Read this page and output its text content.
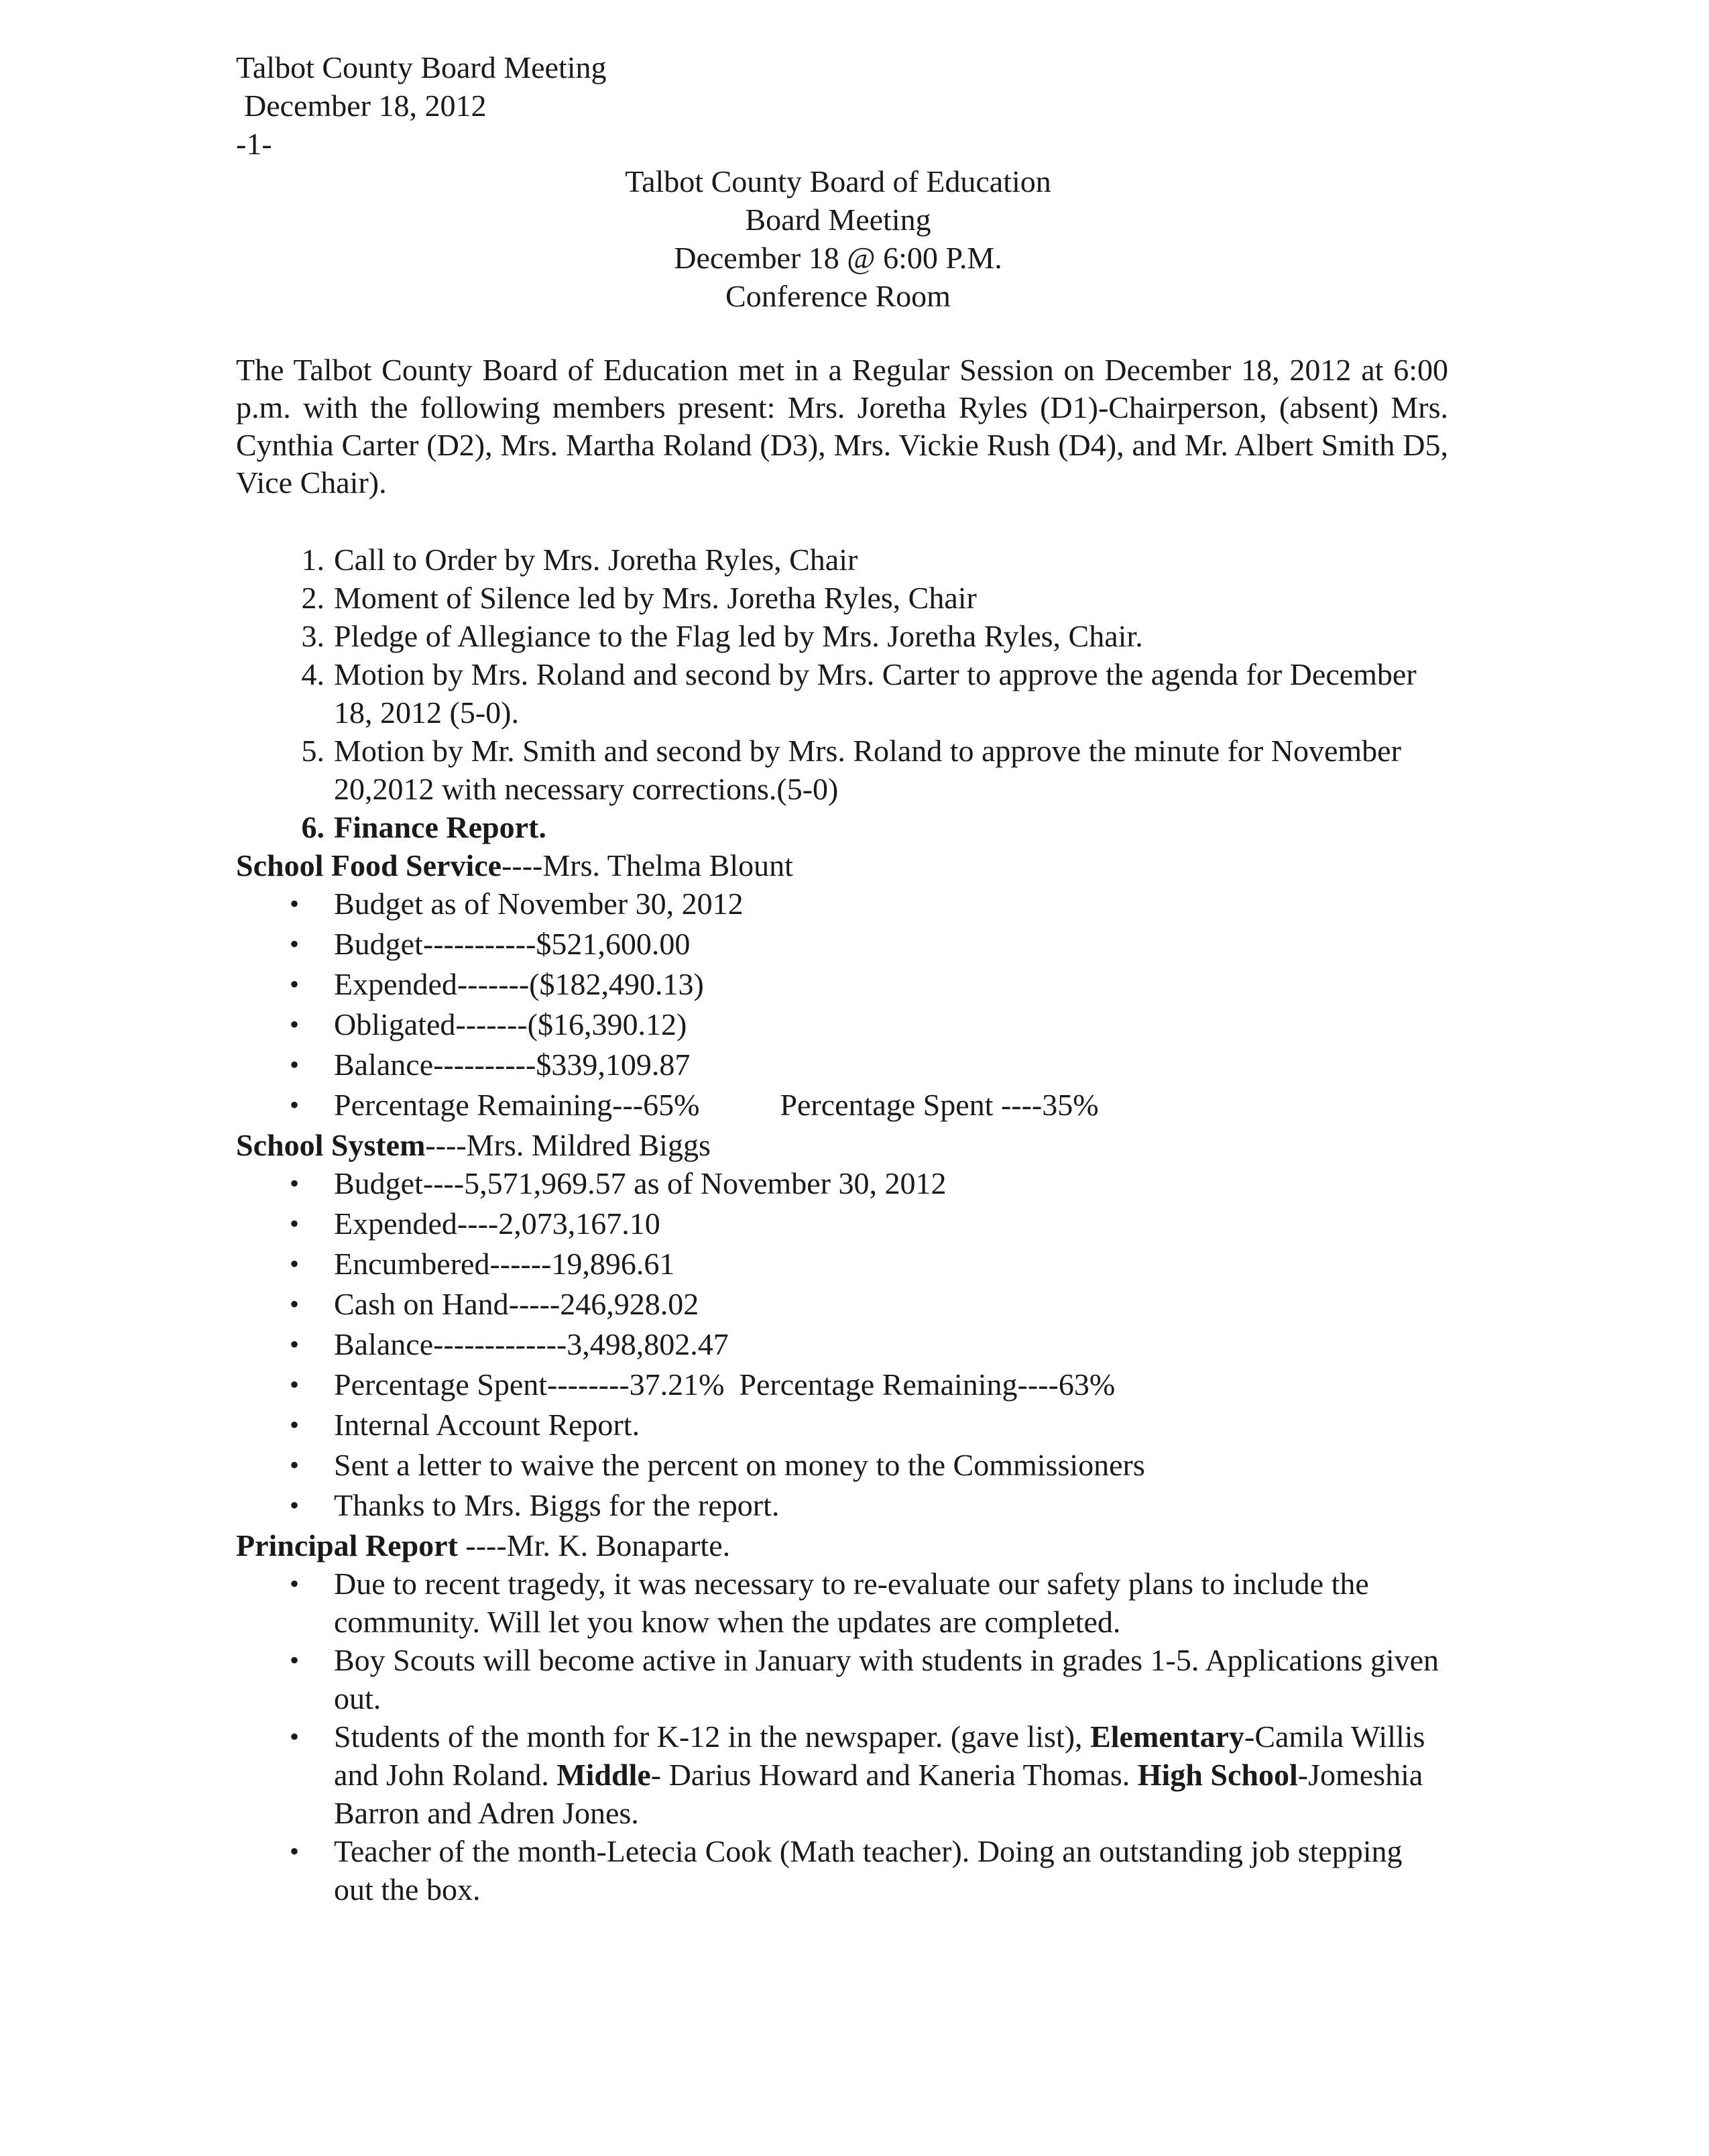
Talbot County Board Meeting
December 18, 2012
-1-
Talbot County Board of Education
Board Meeting
December 18 @ 6:00 P.M.
Conference Room
The Talbot County Board of Education met in a Regular Session on December 18, 2012 at 6:00 p.m. with the following members present: Mrs. Joretha Ryles (D1)-Chairperson, (absent) Mrs. Cynthia Carter (D2), Mrs. Martha Roland (D3), Mrs. Vickie Rush (D4), and Mr. Albert Smith D5, Vice Chair).
1. Call to Order by Mrs. Joretha Ryles, Chair
2. Moment of Silence led by Mrs. Joretha Ryles, Chair
3. Pledge of Allegiance to the Flag led by Mrs. Joretha Ryles, Chair.
4. Motion by Mrs. Roland and second by Mrs. Carter to approve the agenda for December 18, 2012 (5-0).
5. Motion by Mr. Smith and second by Mrs. Roland to approve the minute for November 20,2012 with necessary corrections.(5-0)
6. Finance Report.
School Food Service----Mrs. Thelma Blount
• Budget as of November 30, 2012
• Budget-----------$521,600.00
• Expended-------($182,490.13)
• Obligated-------($16,390.12)
• Balance----------$339,109.87
• Percentage Remaining---65%	Percentage Spent ----35%
School System----Mrs. Mildred Biggs
• Budget----5,571,969.57 as of November 30, 2012
• Expended----2,073,167.10
• Encumbered------19,896.61
• Cash on Hand-----246,928.02
• Balance-------------3,498,802.47
• Percentage Spent--------37.21% Percentage Remaining----63%
• Internal Account Report.
• Sent a letter to waive the percent on money to the Commissioners
• Thanks to Mrs. Biggs for the report.
Principal Report ----Mr. K. Bonaparte.
• Due to recent tragedy, it was necessary to re-evaluate our safety plans to include the community. Will let you know when the updates are completed.
• Boy Scouts will become active in January with students in grades 1-5. Applications given out.
• Students of the month for K-12 in the newspaper. (gave list), Elementary-Camila Willis and John Roland. Middle- Darius Howard and Kaneria Thomas. High School-Jomeshia Barron and Adren Jones.
• Teacher of the month-Letecia Cook (Math teacher). Doing an outstanding job stepping out the box.
